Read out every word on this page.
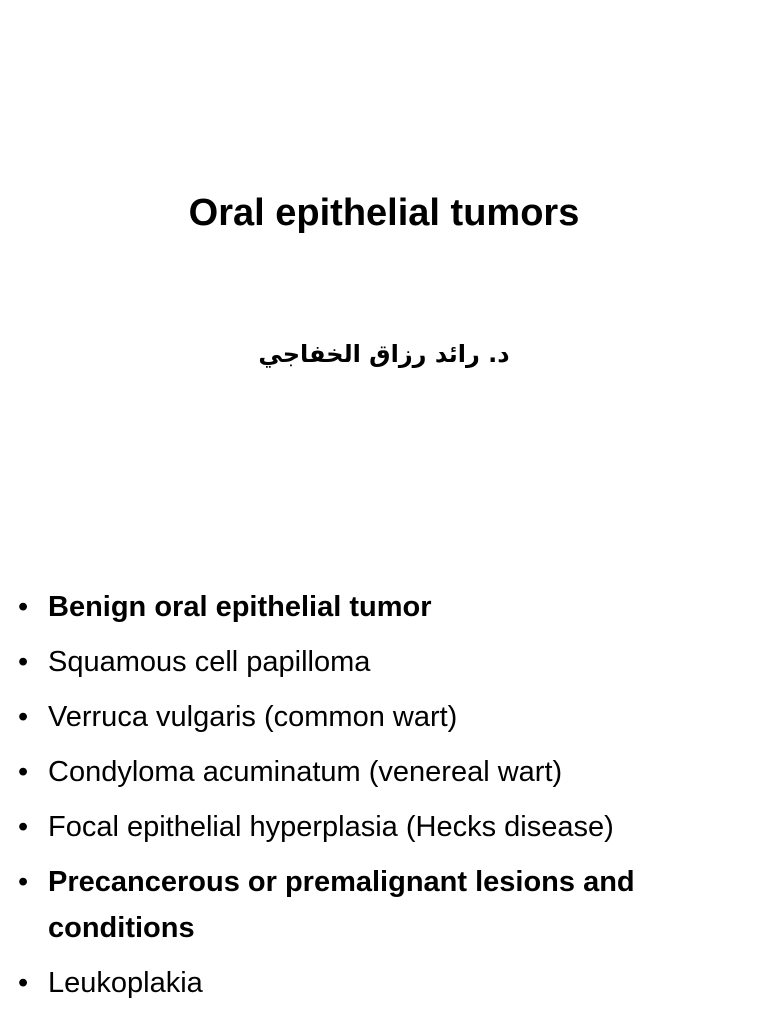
Oral epithelial tumors

د. رائد رزاق الخفاجي

• Benign oral epithelial tumor
• Squamous cell papilloma
• Verruca vulgaris (common wart)
• Condyloma acuminatum (venereal wart)
• Focal epithelial hyperplasia (Hecks disease)
• Precancerous or premalignant lesions and conditions
• Leukoplakia
